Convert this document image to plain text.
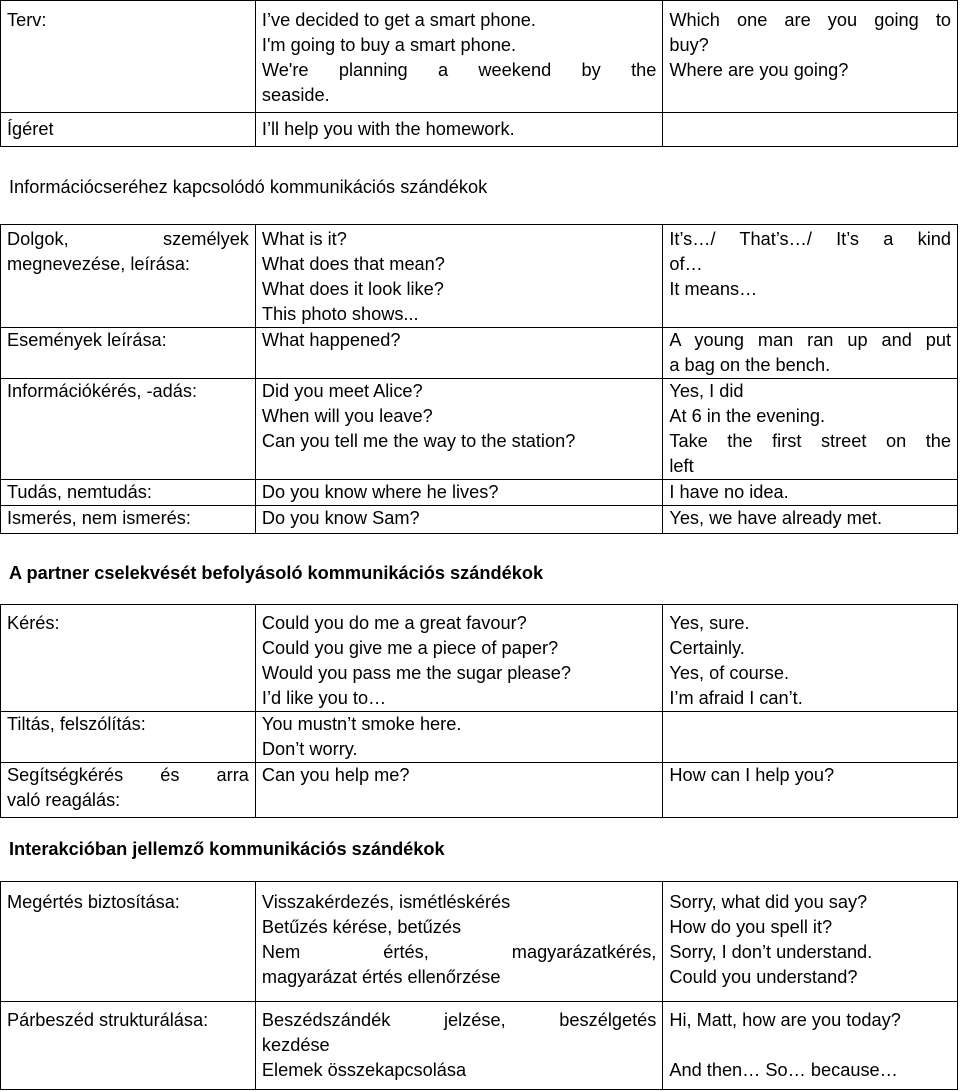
Terv:	I’ve decided to get a smart phone.
I'm going to buy a smart phone.
We're planning a weekend by the
seaside.	Which one are you going to
buy?
Where are you going?

Ígéret	I’ll help you with the homework.	

Információcseréhez kapcsolódó kommunikációs szándékok
Dolgok, személyek
megnevezése, leírása:	What is it?
What does that mean?
What does it look like?
This photo shows...	It’s…/ That’s…/ It’s a kind
of…
It means…

Események leírása:	What happened?	A young man ran up and put
a bag on the bench.

Információkérés, -adás:	Did you meet Alice?
When will you leave?
Can you tell me the way to the station?	Yes, I did
At 6 in the evening.
Take the first street on the
left

Tudás, nemtudás:	Do you know where he lives?	I have no idea.

Ismerés, nem ismerés:	Do you know Sam?	Yes, we have already met.
A partner cselekvését befolyásoló kommunikációs szándékok
Kérés:	Could you do me a great favour?
Could you give me a piece of paper?
Would you pass me the sugar please?
I’d like you to…	Yes, sure.
Certainly.
Yes, of course.
I’m afraid I can’t.

Tiltás, felszólítás:	You mustn’t smoke here.
Don’t worry.	

Segítségkérés és arra
való reagálás:	Can you help me?	How can I help you?
Interakcióban jellemző kommunikációs szándékok
Megértés biztosítása:	Visszakérdezés, ismétléskérés
Betűzés kérése, betűzés
Nem értés, magyarázatkérés,
magyarázat értés ellenőrzése	Sorry, what did you say?
How do you spell it?
Sorry, I don’t understand.
Could you understand?

Párbeszéd strukturálása:	Beszédszándék jelzése, beszélgetés
kezdése
Elemek összekapcsolása	Hi, Matt, how are you today?
And then… So… because…
